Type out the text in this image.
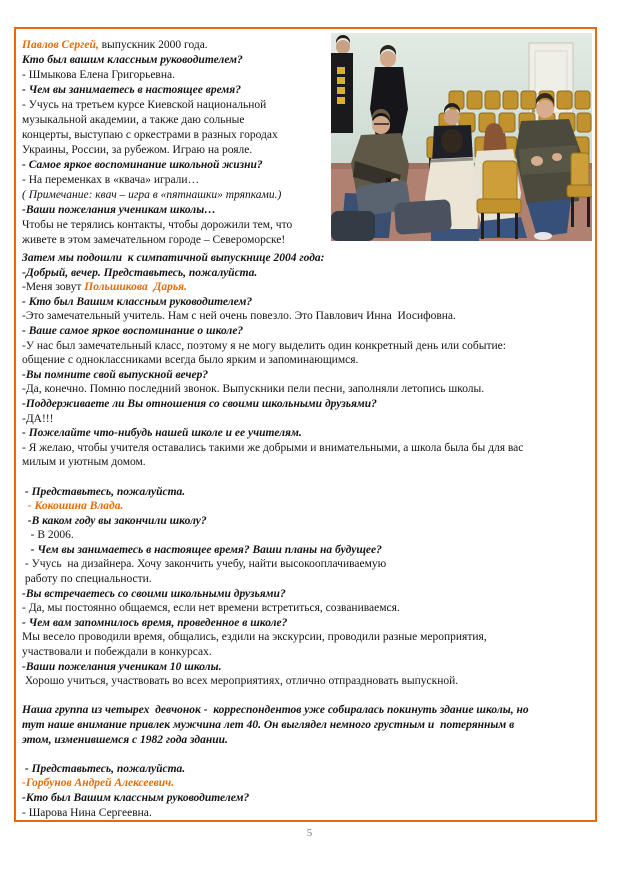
Павлов Сергей, выпускник 2000 года.
Кто был вашим классным руководителем?
- Шмыкова Елена Григорьевна.
- Чем вы занимаетесь в настоящее время?
- Учусь на третьем курсе Киевской национальной
музыкальной академии, а также даю сольные
концерты, выступаю с оркестрами в разных городах
Украины, России, за рубежом. Играю на рояле.
- Самое яркое воспоминание школьной жизни?
- На переменках в «квача» играли…
( Примечание: квач – игра в «пятнашки» тряпками.)
-Ваши пожелания ученикам школы…
Чтобы не терялись контакты, чтобы дорожили тем, что
живете в этом замечательном городе – Североморске!
Затем мы подошли  к симпатичной выпускнице 2004 года:
-Добрый, вечер. Представьтесь, пожалуйста.
-Меня зовут Польшикова  Дарья.
- Кто был Вашим классным руководителем?
-Это замечательный учитель. Нам с ней очень повезло. Это Павлович Инна  Иосифовна.
- Ваше самое яркое воспоминание о школе?
-У нас был замечательный класс, поэтому я не могу выделить один конкретный день или событие:
общение с одноклассниками всегда было ярким и запоминающимся.
-Вы помните свой выпускной вечер?
-Да, конечно. Помню последний звонок. Выпускники пели песни, заполняли летопись школы.
-Поддерживаете ли Вы отношения со своими школьными друзьями?
-ДА!!!
- Пожелайте что-нибудь нашей школе и ее учителям.
- Я желаю, чтобы учителя оставались такими же добрыми и внимательными, а школа была бы для вас
милым и уютным домом.
- Представьтесь, пожалуйста.
- Кокошина Влада.
-В каком году вы закончили школу?
- В 2006.
- Чем вы занимаетесь в настоящее время? Ваши планы на будущее?
- Учусь  на дизайнера. Хочу закончить учебу, найти высокооплачиваемую
работу по специальности.
-Вы встречаетесь со своими школьными друзьями?
- Да, мы постоянно общаемся, если нет времени встретиться, созваниваемся.
- Чем вам запомнилось время, проведенное в школе?
Мы весело проводили время, общались, ездили на экскурсии, проводили разные мероприятия,
участвовали и побеждали в конкурсах.
-Ваши пожелания ученикам 10 школы.
Хорошо учиться, участвовать во всех мероприятиях, отлично отпраздновать выпускной.
Наша группа из четырех  девчонок -  корреспондентов уже собиралась покинуть здание школы, но
тут наше внимание привлек мужчина лет 40. Он выглядел немного грустным и  потерянным в
этом, изменившемся с 1982 года здании.
- Представьтесь, пожалуйста.
-Горбунов Андрей Алексеевич.
-Кто был Вашим классным руководителем?
- Шарова Нина Сергеевна.
5
